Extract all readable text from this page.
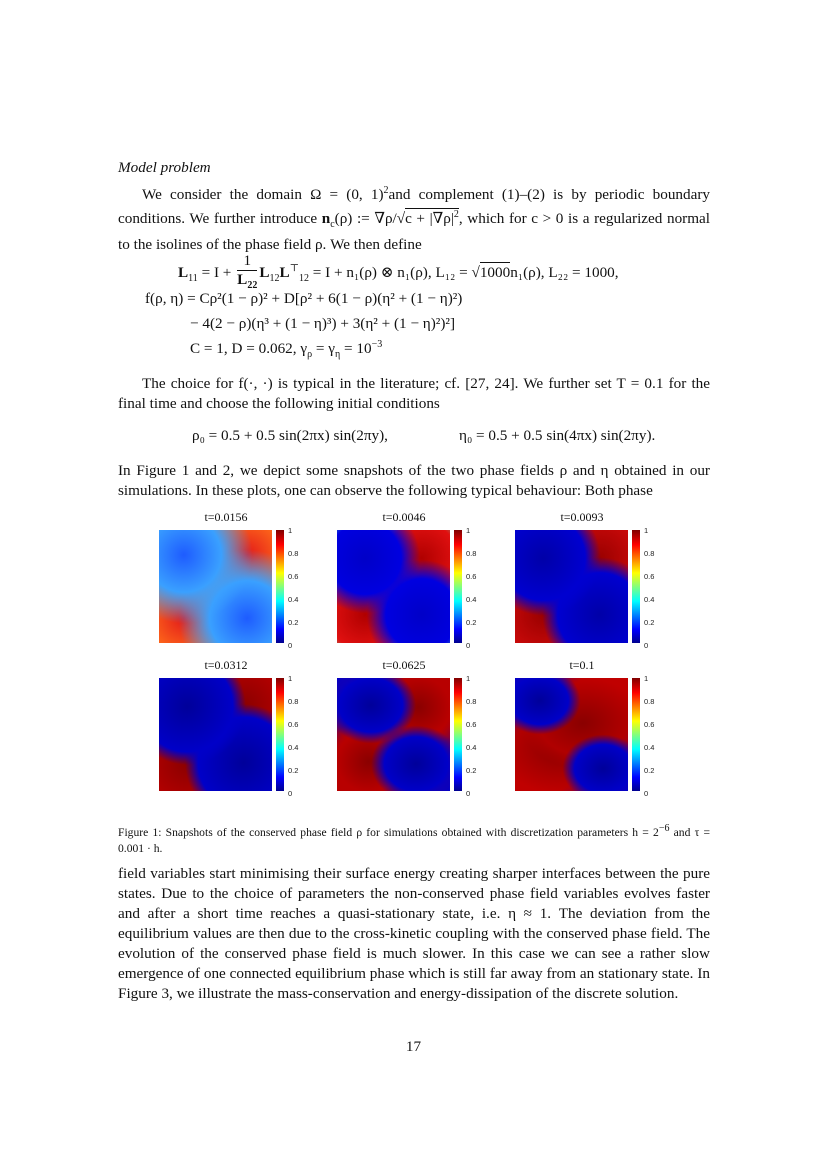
Model problem
We consider the domain Ω = (0, 1)$^2$and complement (1)–(2) is by periodic boundary conditions. We further introduce $n_c(\rho)$ := $\nabla\rho/√c + |\nabla\rho|^2$, which for c > 0 is a regularized normal to the isolines of the phase field ρ. We then define
$L_{11} = I + \frac{1}{L_{22}} L_{12}L^⊤_{12} = I + n_1(\rho)$ ⊗ n₁(ρ), L₁₂ = √1000n₁(ρ), L₂₂ = 1000,
f(ρ, η) = Cρ²(1 − ρ)² + D[ρ² + 6(1 − ρ)(η² + (1 − η)²)
− 4(2 − ρ)(η³ + (1 − η)³) + 3(η² + (1 − η)²)²]
C = 1, D = 0.062, $\gamma_\rho = \gamma_\eta = 10^{-3}$
The choice for f(·, ·) is typical in the literature; cf. [27, 24]. We further set T = 0.1 for the final time and choose the following initial conditions
ρ₀ = 0.5 + 0.5 sin(2πx) sin(2πy),	η₀ = 0.5 + 0.5 sin(4πx) sin(2πy).
In Figure 1 and 2, we depict some snapshots of the two phase fields ρ and η obtained in our simulations. In these plots, one can observe the following typical behaviour: Both phase
t=0.0156
1
0.8
0.6
0.4
0.2
0
t=0.0046
1
0.8
0.6
0.4
0.2
0
t=0.0093
1
0.8
0.6
0.4
0.2
0
t=0.0312
1
0.8
0.6
0.4
0.2
0
t=0.0625
1
0.8
0.6
0.4
0.2
0
t=0.1
1
0.8
0.6
0.4
0.2
0
Figure 1: Snapshots of the conserved phase field ρ for simulations obtained with discretization parameters $h = 2^{-6}$ and τ = 0.001 · h.
field variables start minimising their surface energy creating sharper interfaces between the pure states. Due to the choice of parameters the non-conserved phase field variables evolves faster and after a short time reaches a quasi-stationary state, i.e. η ≈ 1. The deviation from the equilibrium values are then due to the cross-kinetic coupling with the conserved phase field. The evolution of the conserved phase field is much slower. In this case we can see a rather slow emergence of one connected equilibrium phase which is still far away from an stationary state. In Figure 3, we illustrate the mass-conservation and energy-dissipation of the discrete solution.
17
